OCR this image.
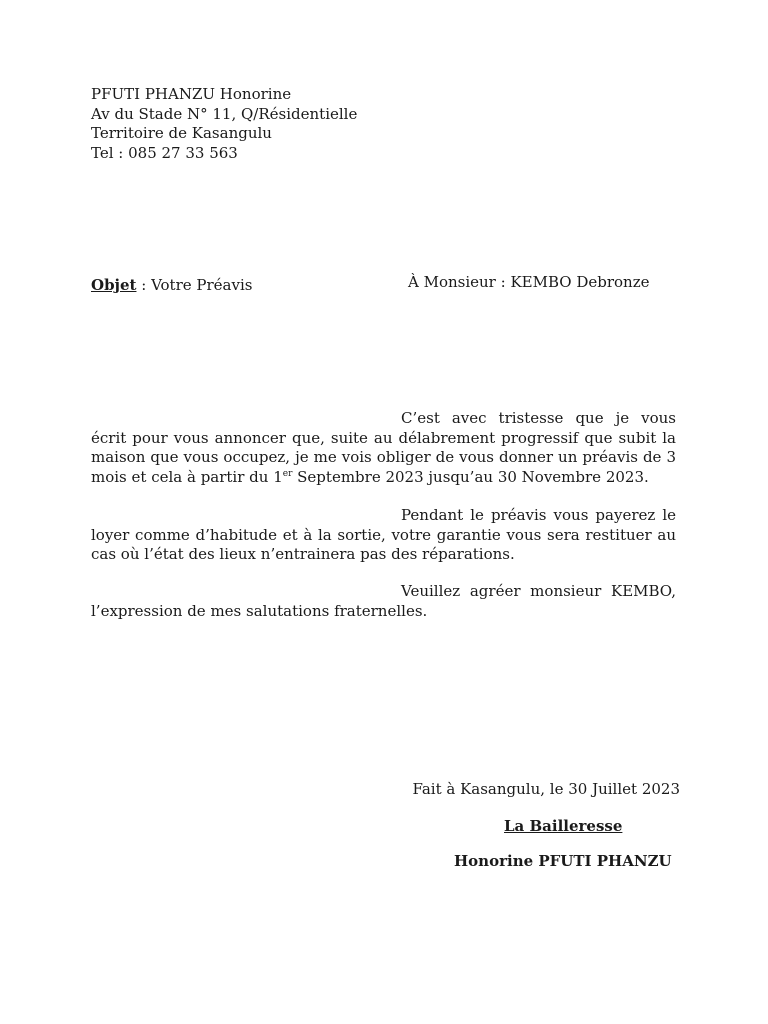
PFUTI PHANZU Honorine
Av du Stade N° 11, Q/Résidentielle
Territoire de Kasangulu
Tel : 085 27 33 563
Objet : Votre Préavis	À Monsieur : KEMBO Debronze
C’est avec tristesse que je vous écrit pour vous annoncer que, suite au délabrement progressif que subit la maison que vous occupez, je me vois obliger de vous donner un préavis de 3 mois et cela à partir du 1er Septembre 2023 jusqu’au 30 Novembre 2023.
Pendant le préavis vous payerez le loyer comme d’habitude et à la sortie, votre garantie vous sera restituer au cas où l’état des lieux n’entrainera pas des réparations.
Veuillez agréer monsieur KEMBO, l’expression de mes salutations fraternelles.
Fait à Kasangulu, le 30 Juillet 2023
La Bailleresse
Honorine PFUTI PHANZU
